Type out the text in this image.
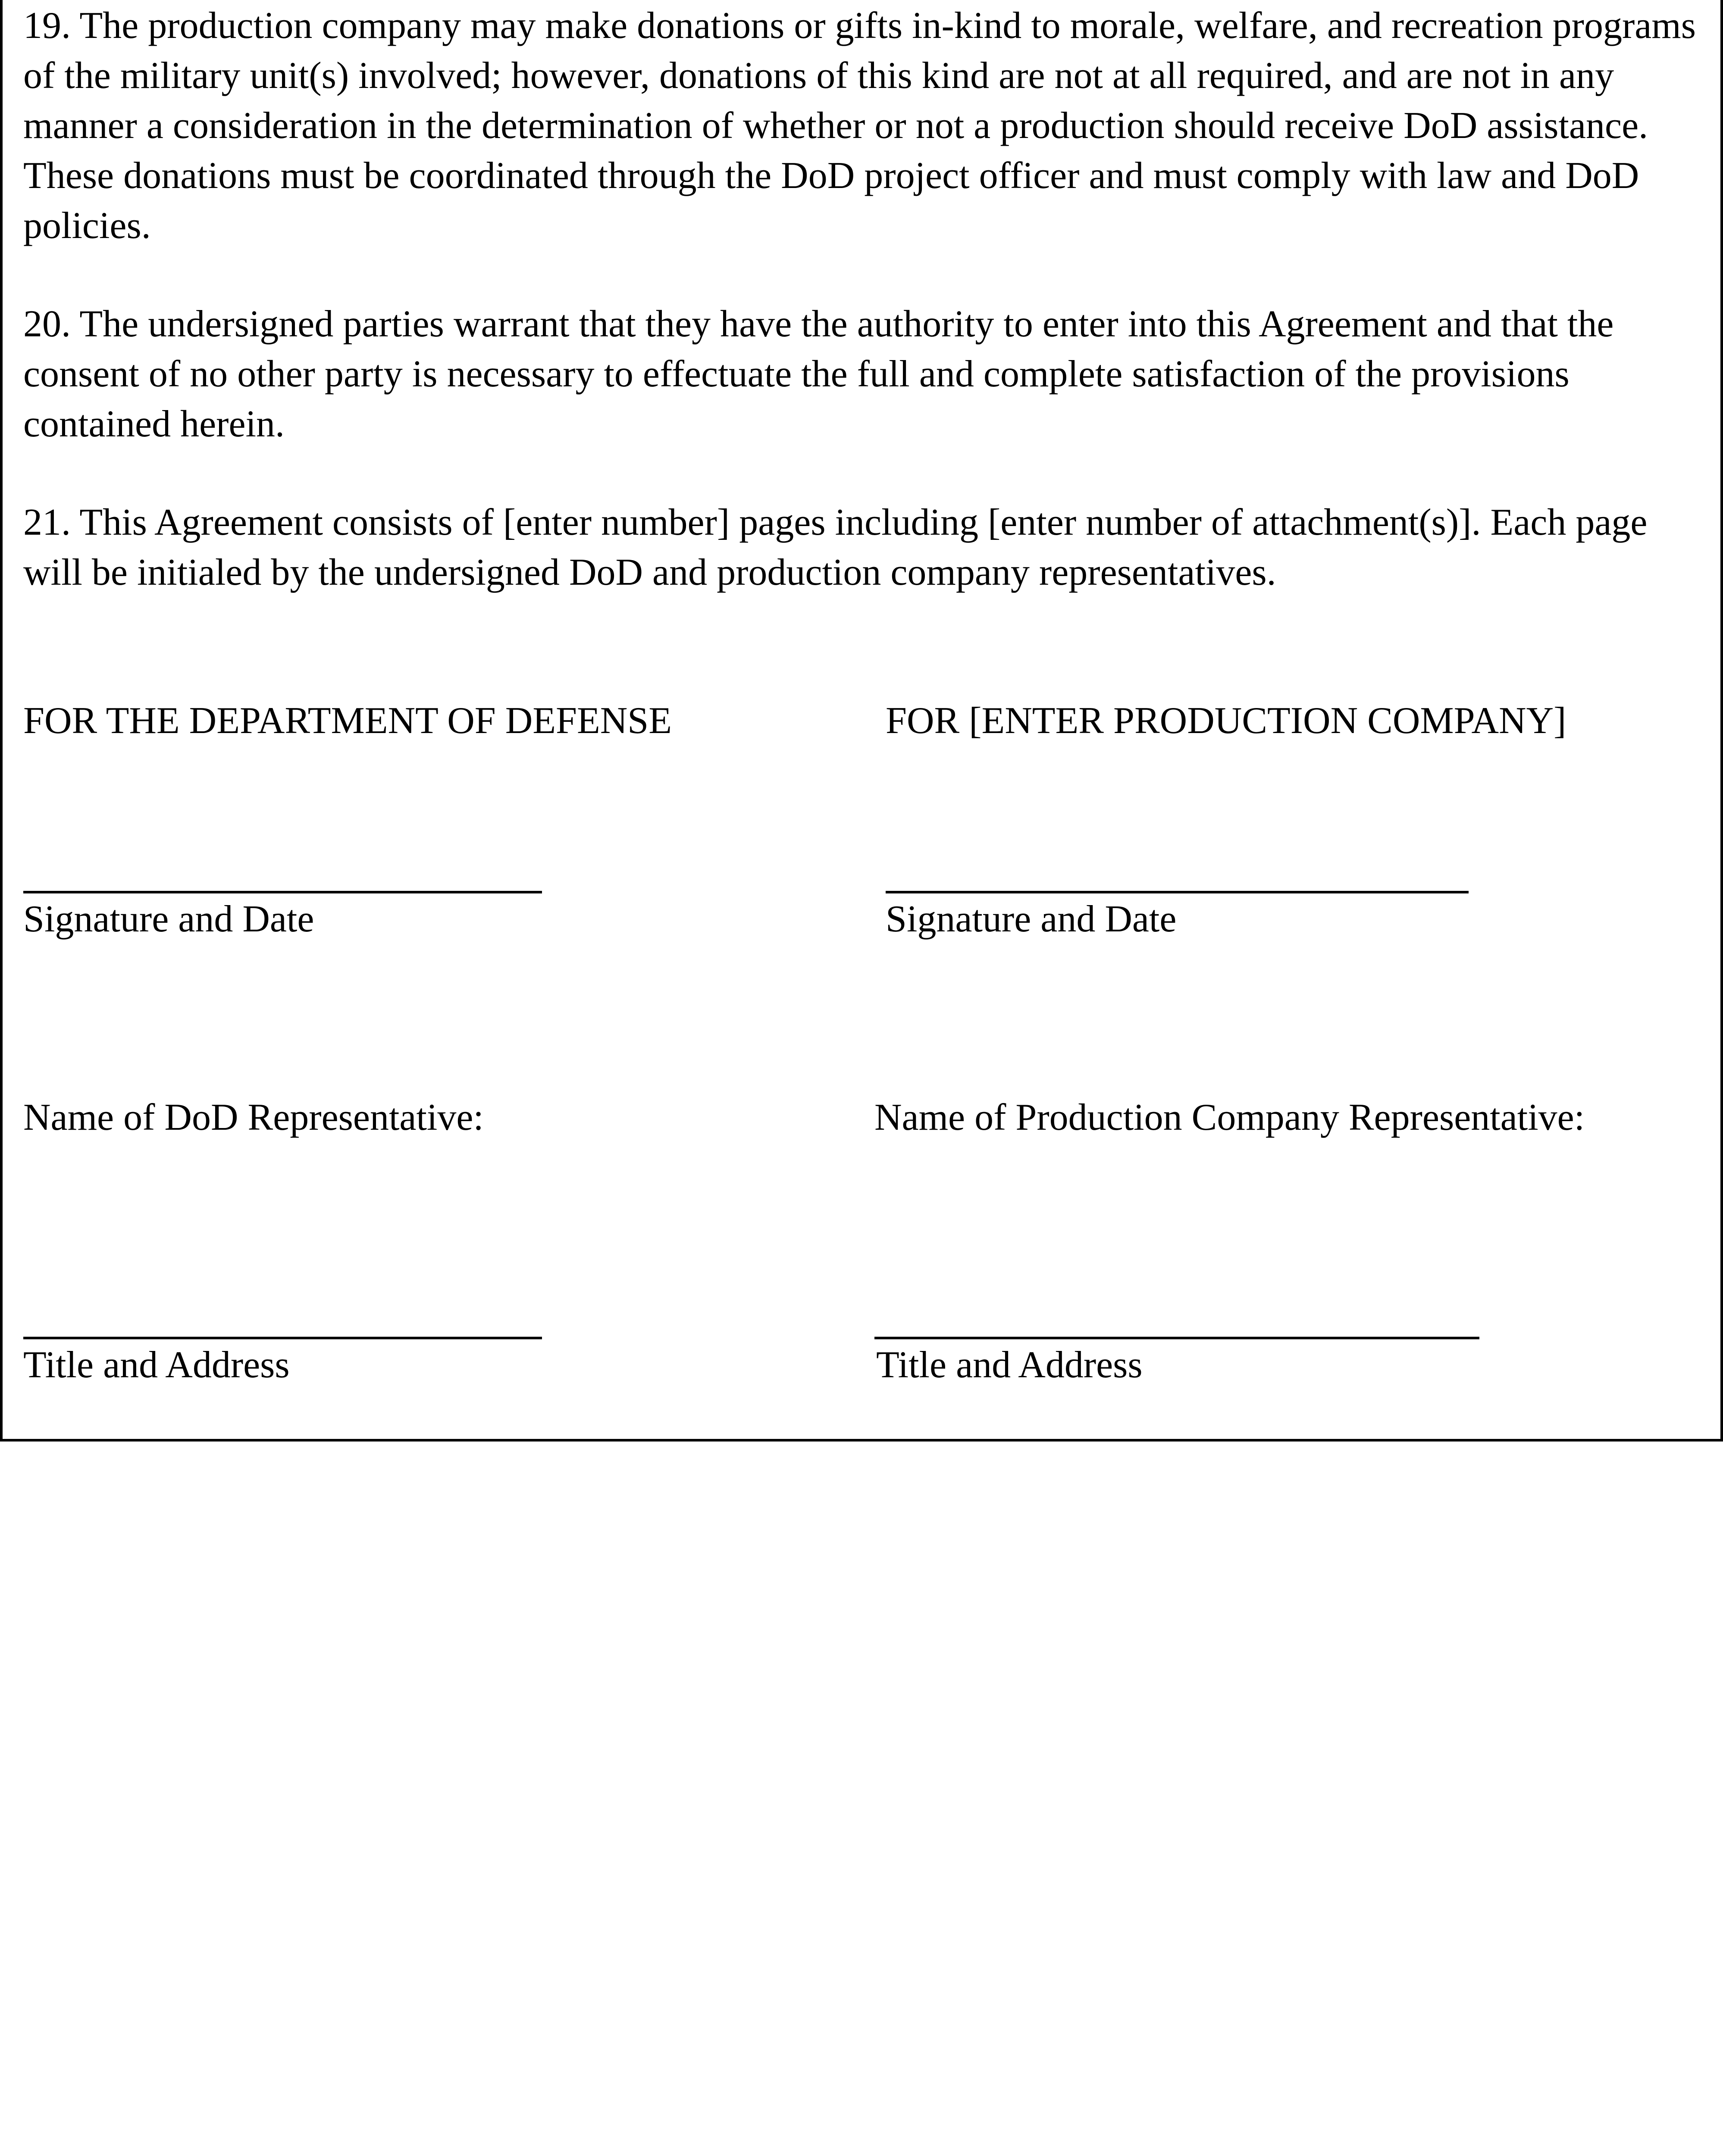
19. The production company may make donations or gifts in-kind to morale, welfare, and recreation programs of the military unit(s) involved; however, donations of this kind are not at all required, and are not in any manner a consideration in the determination of whether or not a production should receive DoD assistance. These donations must be coordinated through the DoD project officer and must comply with law and DoD policies.

20. The undersigned parties warrant that they have the authority to enter into this Agreement and that the consent of no other party is necessary to effectuate the full and complete satisfaction of the provisions contained herein.

21. This Agreement consists of [enter number] pages including [enter number of attachment(s)]. Each page will be initialed by the undersigned DoD and production company representatives.

FOR THE DEPARTMENT OF DEFENSE
Signature and Date
Name of DoD Representative:
Title and Address
FOR [ENTER PRODUCTION COMPANY]
Signature and Date
Name of Production Company Representative:
Title and Address
